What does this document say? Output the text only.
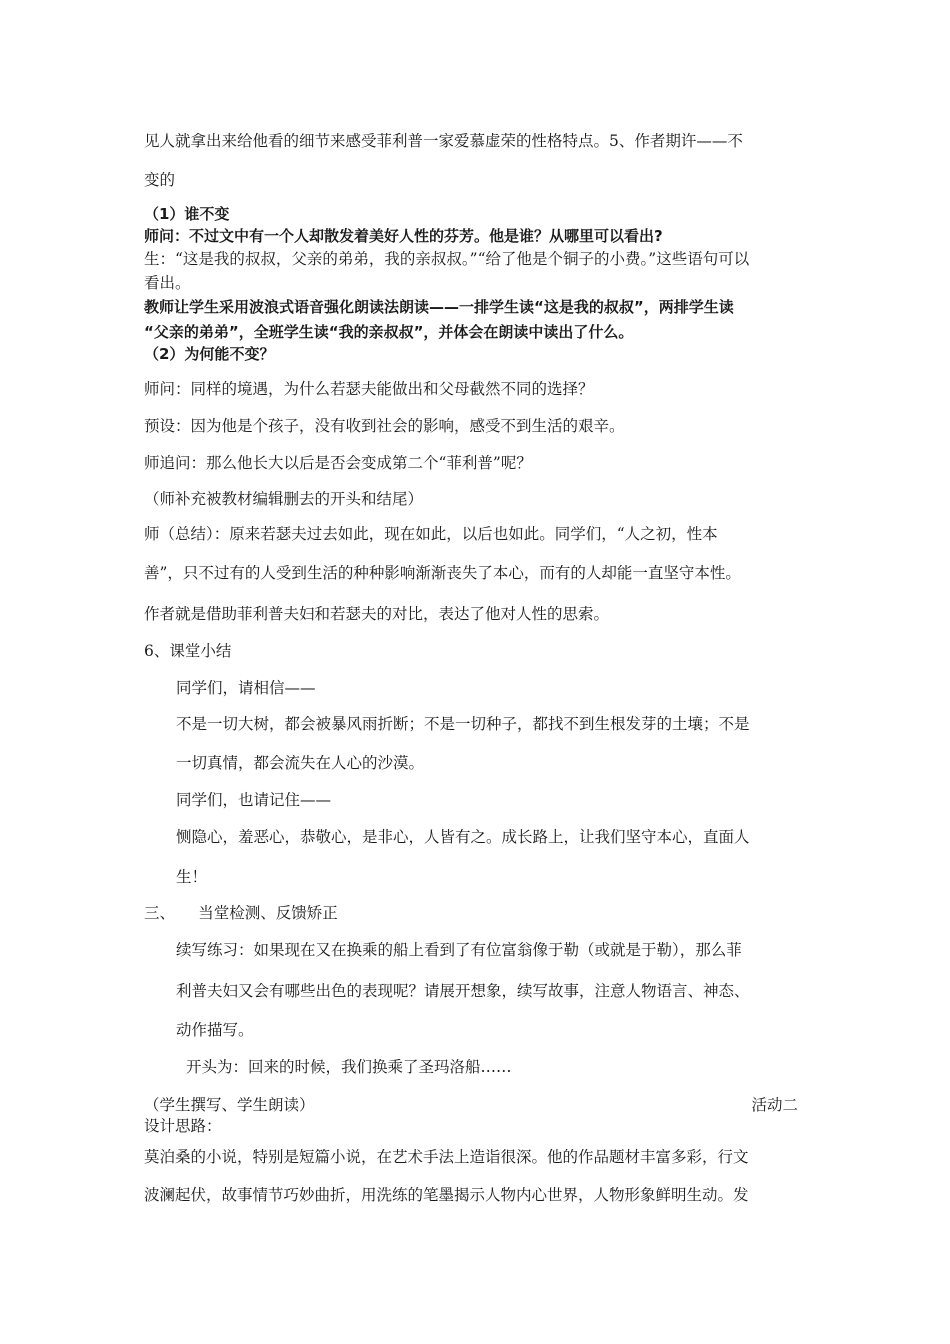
见人就拿出来给他看的细节来感受菲利普一家爱慕虚荣的性格特点。5、作者期许——不
变的
（1）谁不变
师问：不过文中有一个人却散发着美好人性的芬芳。他是谁？从哪里可以看出?
生：“这是我的叔叔，父亲的弟弟，我的亲叔叔。”“给了他是个铜子的小费。”这些语句可以
看出。
教师让学生采用波浪式语音强化朗读法朗读——一排学生读“这是我的叔叔”，两排学生读
“父亲的弟弟”，全班学生读“我的亲叔叔”，并体会在朗读中读出了什么。
（2）为何能不变？
师问：同样的境遇，为什么若瑟夫能做出和父母截然不同的选择？
预设：因为他是个孩子，没有收到社会的影响，感受不到生活的艰辛。
师追问：那么他长大以后是否会变成第二个“菲利普”呢？
（师补充被教材编辑删去的开头和结尾）
师（总结）：原来若瑟夫过去如此，现在如此，以后也如此。同学们，“人之初，性本
善”，只不过有的人受到生活的种种影响渐渐丧失了本心，而有的人却能一直坚守本性。
作者就是借助菲利普夫妇和若瑟夫的对比，表达了他对人性的思索。
6、课堂小结
同学们，请相信——
不是一切大树，都会被暴风雨折断；不是一切种子，都找不到生根发芽的土壤；不是
一切真情，都会流失在人心的沙漠。
同学们，也请记住——
恻隐心，羞恶心，恭敬心，是非心，人皆有之。成长路上，让我们坚守本心，直面人
生！
三、　　当堂检测、反馈矫正
续写练习：如果现在又在换乘的船上看到了有位富翁像于勒（或就是于勒），那么菲
利普夫妇又会有哪些出色的表现呢？请展开想象，续写故事，注意人物语言、神态、
动作描写。
开头为：回来的时候，我们换乘了圣玛洛船……
（学生撰写、学生朗读）	活动二
设计思路：
莫泊桑的小说，特别是短篇小说，在艺术手法上造诣很深。他的作品题材丰富多彩，行文
波澜起伏，故事情节巧妙曲折，用洗练的笔墨揭示人物内心世界，人物形象鲜明生动。发
